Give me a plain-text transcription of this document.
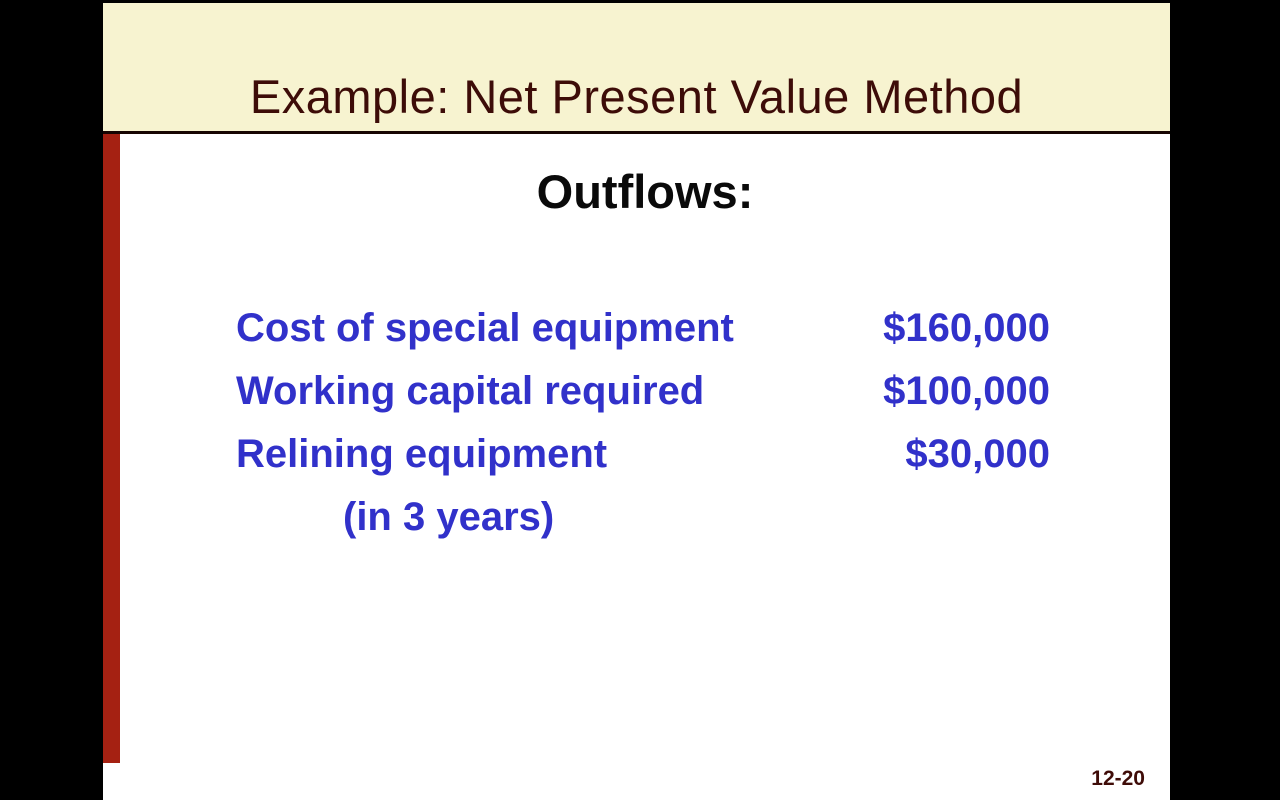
Example: Net Present Value Method
Outflows:
Cost of special equipment	$160,000
Working capital required	$100,000
Relining equipment	$30,000
(in 3 years)
12-20
